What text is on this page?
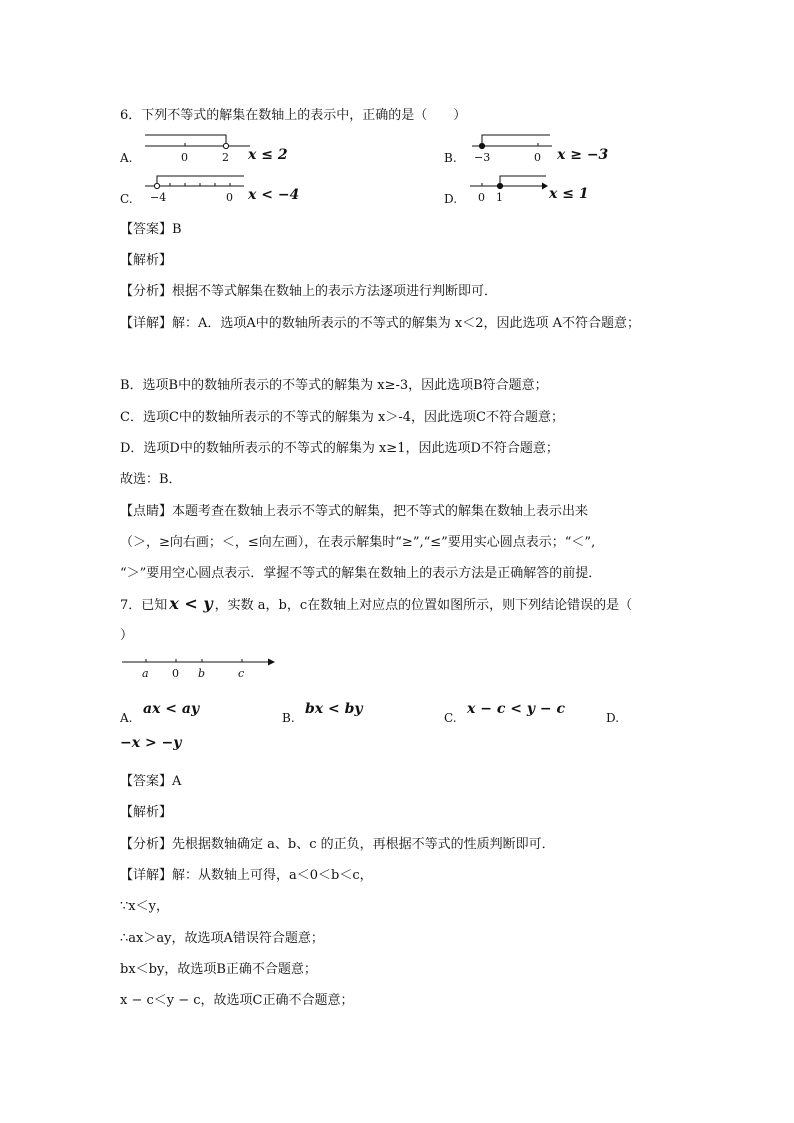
6．下列不等式的解集在数轴上的表示中，正确的是（　　）
A.	0	2 x ≤ 2	B. −3	0 x ≥ −3
C. −4	0 x < −4	D. 0 1	x ≤ 1
【答案】B
【解析】
【分析】根据不等式解集在数轴上的表示方法逐项进行判断即可．
【详解】解：A．选项A中的数轴所表示的不等式的解集为 x＜2，因此选项 A不符合题意；
B．选项B中的数轴所表示的不等式的解集为 x≥-3，因此选项B符合题意；
C．选项C中的数轴所表示的不等式的解集为 x＞-4，因此选项C不符合题意；
D．选项D中的数轴所表示的不等式的解集为 x≥1，因此选项D不符合题意；
故选：B．
【点睛】本题考查在数轴上表示不等式的解集，把不等式的解集在数轴上表示出来
（＞，≥向右画；＜，≤向左画），在表示解集时“≥”,“≤”要用实心圆点表示；“＜”,
“＞”要用空心圆点表示．掌握不等式的解集在数轴上的表示方法是正确解答的前提．
7．已知 x < y ，实数 a，b，c在数轴上对应点的位置如图所示，则下列结论错误的是（
）
a 0 b	c
A.
ax < ay
B.
bx < by
C.
x − c < y − c
D.
−x > −y
【答案】A
【解析】
【分析】先根据数轴确定 a、b、c 的正负，再根据不等式的性质判断即可．
【详解】解：从数轴上可得，a＜0＜b＜c，
∵x＜y，
∴ax＞ay，故选项A错误符合题意；
bx＜by，故选项B正确不合题意；
x − c＜y − c，故选项C正确不合题意；
